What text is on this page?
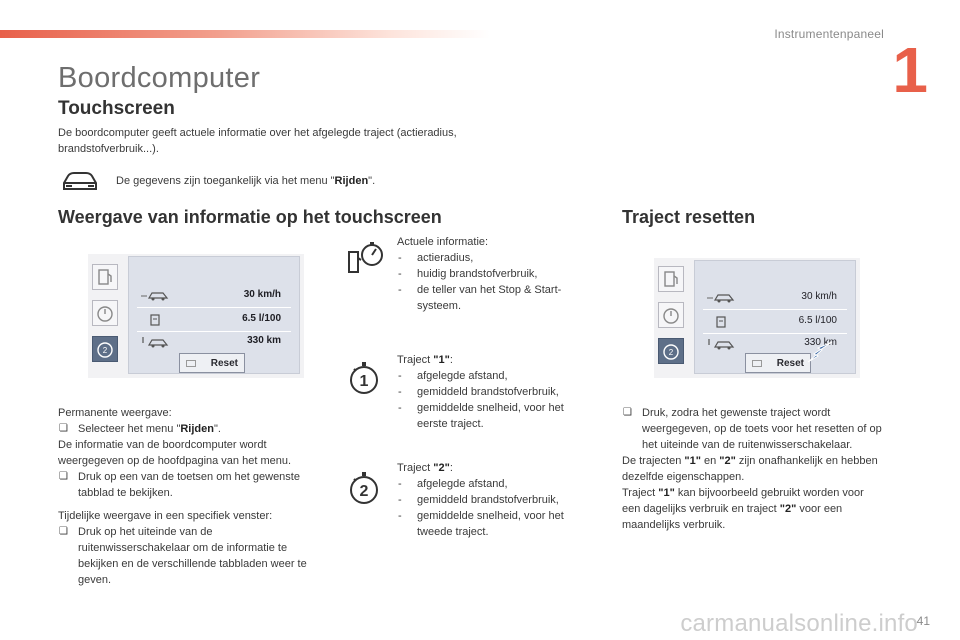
Instrumentenpaneel 1
Boordcomputer
Touchscreen

De boordcomputer geeft actuele informatie over het afgelegde traject (actieradius, brandstofverbruik...).

De gegevens zijn toegankelijk via het menu "Rijden".

Weergave van informatie op het touchscreen	Traject resetten
2
30 km/h
6.5 l/100
330 km
Reset
Permanente weergave:
❏ Selecteer het menu "Rijden".
De informatie van de boordcomputer wordt weergegeven op de hoofdpagina van het menu.
❏ Druk op een van de toetsen om het gewenste tabblad te bekijken.
Tijdelijke weergave in een specifiek venster:
❏ Druk op het uiteinde van de ruitenwisserschakelaar om de informatie te bekijken en de verschillende tabbladen weer te geven.
1
2
Actuele informatie:
- actieradius,
- huidig brandstofverbruik,
- de teller van het Stop & Start-systeem.
Traject "1":
- afgelegde afstand,
- gemiddeld brandstofverbruik,
- gemiddelde snelheid, voor het eerste traject.
Traject "2":
- afgelegde afstand,
- gemiddeld brandstofverbruik,
- gemiddelde snelheid, voor het tweede traject.
2
30 km/h
6.5 l/100
330 km
Reset
❏ Druk, zodra het gewenste traject wordt weergegeven, op de toets voor het resetten of op het uiteinde van de ruitenwisserschakelaar.
De trajecten "1" en "2" zijn onafhankelijk en hebben dezelfde eigenschappen.
Traject "1" kan bijvoorbeeld gebruikt worden voor een dagelijks verbruik en traject "2" voor een maandelijks verbruik.
carmanualsonline.info
41
